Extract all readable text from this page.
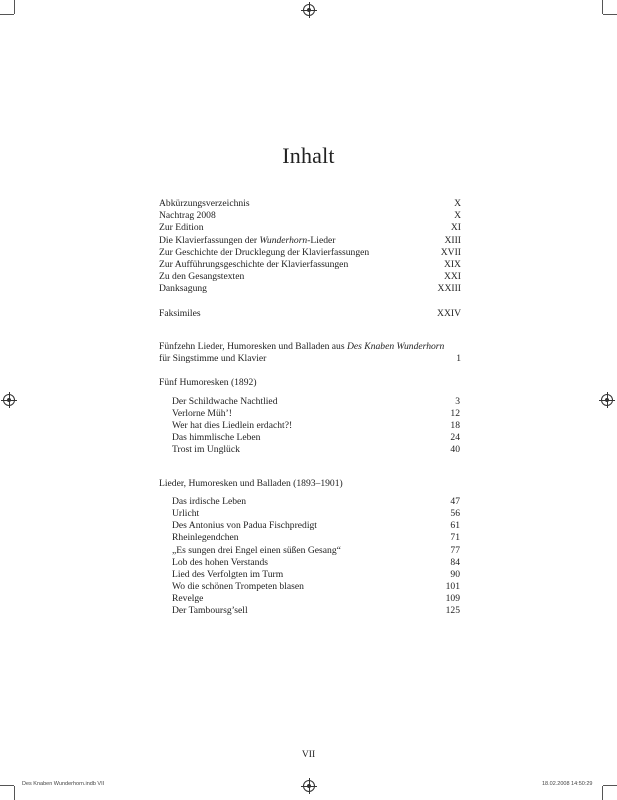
Inhalt
Abkürzungsverzeichnis	X
Nachtrag 2008	X
Zur Edition	XI
Die Klavierfassungen der Wunderhorn-Lieder	XIII
Zur Geschichte der Drucklegung der Klavierfassungen	XVII
Zur Aufführungsgeschichte der Klavierfassungen	XIX
Zu den Gesangstexten	XXI
Danksagung	XXIII
Faksimiles	XXIV
Fünfzehn Lieder, Humoresken und Balladen aus Des Knaben Wunderhorn
für Singstimme und Klavier	1
Fünf Humoresken (1892)
Der Schildwache Nachtlied	3
Verlorne Müh’!	12
Wer hat dies Liedlein erdacht?!	18
Das himmlische Leben	24
Trost im Unglück	40
Lieder, Humoresken und Balladen (1893–1901)
Das irdische Leben	47
Urlicht	56
Des Antonius von Padua Fischpredigt	61
Rheinlegendchen	71
„Es sungen drei Engel einen süßen Gesang“	77
Lob des hohen Verstands	84
Lied des Verfolgten im Turm	90
Wo die schönen Trompeten blasen	101
Revelge	109
Der Tamboursg’sell	125
VII
Des Knaben Wunderhorn.indb VII	18.02.2008 14:50:29
